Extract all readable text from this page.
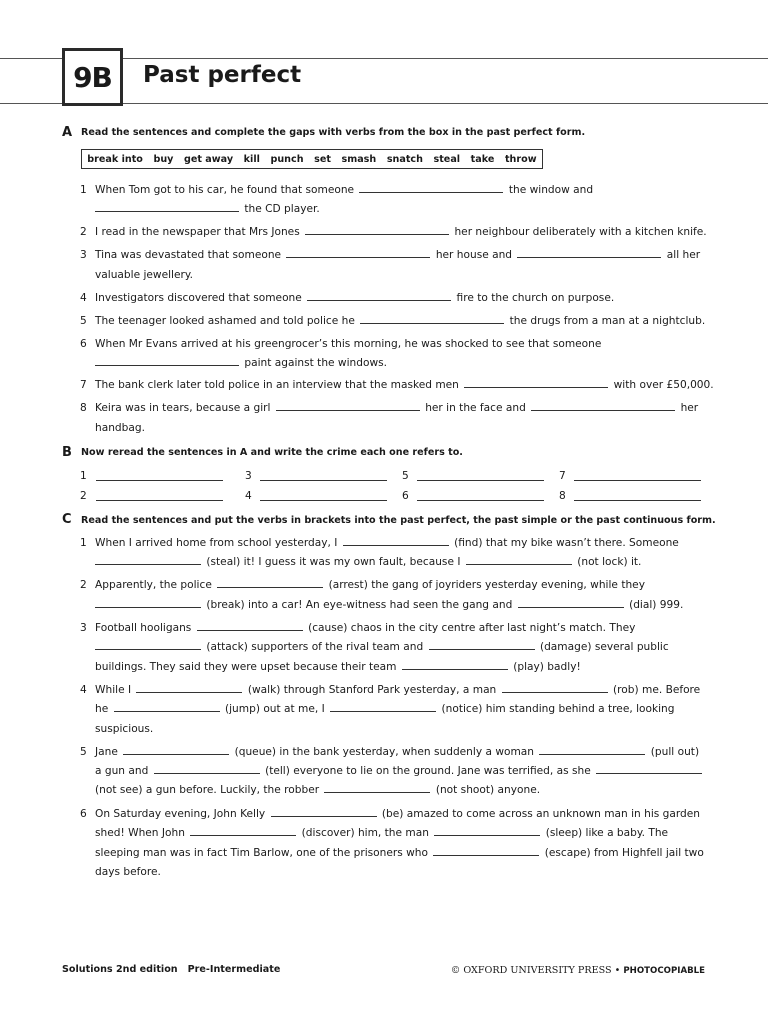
9B Past perfect
A Read the sentences and complete the gaps with verbs from the box in the past perfect form.
break into buy get away kill punch set smash snatch steal take throw
1 When Tom got to his car, he found that someone	the window and
the CD player.
2 I read in the newspaper that Mrs Jones	her neighbour deliberately with a kitchen knife.
3 Tina was devastated that someone	her house and	all her
valuable jewellery.
4 Investigators discovered that someone	fire to the church on purpose.
5 The teenager looked ashamed and told police he	the drugs from a man at a nightclub.
6 When Mr Evans arrived at his greengrocer’s this morning, he was shocked to see that someone
paint against the windows.
7 The bank clerk later told police in an interview that the masked men	with over £50,000.
8 Keira was in tears, because a girl	her in the face and	her
handbag.
B Now reread the sentences in A and write the crime each one refers to.
1	3	5	7
2	4	6	8
C Read the sentences and put the verbs in brackets into the past perfect, the past simple or the past continuous form.
1 When I arrived home from school yesterday, I	(find) that my bike wasn’t there. Someone
(steal) it! I guess it was my own fault, because I	(not lock) it.
2 Apparently, the police	(arrest) the gang of joyriders yesterday evening, while they
(break) into a car! An eye-witness had seen the gang and	(dial) 999.
3 Football hooligans	(cause) chaos in the city centre after last night’s match. They
(attack) supporters of the rival team and	(damage) several public
buildings. They said they were upset because their team	(play) badly!
4 While I	(walk) through Stanford Park yesterday, a man	(rob) me. Before
he	(jump) out at me, I	(notice) him standing behind a tree, looking
suspicious.
5 Jane	(queue) in the bank yesterday, when suddenly a woman	(pull out)
a gun and	(tell) everyone to lie on the ground. Jane was terrified, as she
(not see) a gun before. Luckily, the robber	(not shoot) anyone.
6 On Saturday evening, John Kelly	(be) amazed to come across an unknown man in his garden
shed! When John	(discover) him, the man	(sleep) like a baby. The
sleeping man was in fact Tim Barlow, one of the prisoners who	(escape) from Highfell jail two
days before.
Solutions 2nd edition Pre-Intermediate	© OXFORD UNIVERSITY PRESS • PHOTOCOPIABLE
